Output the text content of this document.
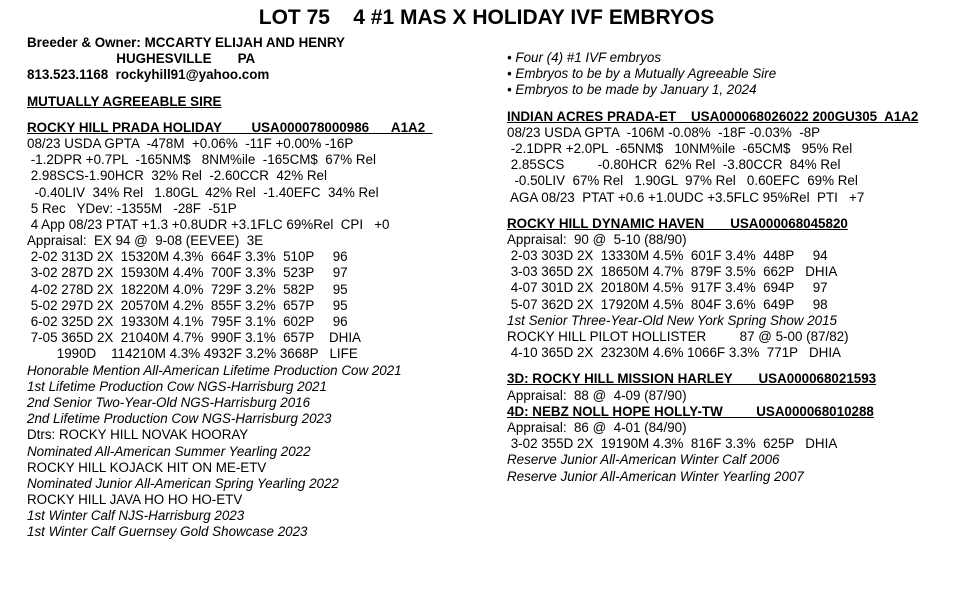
LOT 75    4 #1 MAS X HOLIDAY IVF EMBRYOS
Breeder & Owner: MCCARTY ELIJAH AND HENRY
HUGHESVILLE       PA
813.523.1168  rockyhill91@yahoo.com
MUTUALLY AGREEABLE SIRE
ROCKY HILL PRADA HOLIDAY        USA000078000986      A1A2
08/23 USDA GPTA  -478M  +0.06%  -11F +0.00% -16P
-1.2DPR +0.7PL  -165NM$   8NM%ile  -165CM$  67% Rel
2.98SCS-1.90HCR  32% Rel  -2.60CCR  42% Rel
-0.40LIV  34% Rel   1.80GL  42% Rel  -1.40EFC  34% Rel
5 Rec   YDev: -1355M   -28F  -51P
4 App 08/23 PTAT +1.3 +0.8UDR +3.1FLC 69%Rel  CPI   +0
Appraisal:  EX 94 @  9-08 (EEVEE)  3E
2-02 313D 2X  15320M 4.3%  664F 3.3%  510P     96
3-02 287D 2X  15930M 4.4%  700F 3.3%  523P     97
4-02 278D 2X  18220M 4.0%  729F 3.2%  582P     95
5-02 297D 2X  20570M 4.2%  855F 3.2%  657P     95
6-02 325D 2X  19330M 4.1%  795F 3.1%  602P     96
7-05 365D 2X  21040M 4.7%  990F 3.1%  657P    DHIA
1990D    114210M 4.3% 4932F 3.2% 3668P   LIFE
Honorable Mention All-American Lifetime Production Cow 2021
1st Lifetime Production Cow NGS-Harrisburg 2021
2nd Senior Two-Year-Old NGS-Harrisburg 2016
2nd Lifetime Production Cow NGS-Harrisburg 2023
Dtrs: ROCKY HILL NOVAK HOORAY
Nominated All-American Summer Yearling 2022
ROCKY HILL KOJACK HIT ON ME-ETV
Nominated Junior All-American Spring Yearling 2022
ROCKY HILL JAVA HO HO HO-ETV
1st Winter Calf NJS-Harrisburg 2023
1st Winter Calf Guernsey Gold Showcase 2023
• Four (4) #1 IVF embryos
• Embryos to be by a Mutually Agreeable Sire
• Embryos to be made by January 1, 2024
INDIAN ACRES PRADA-ET    USA000068026022 200GU305  A1A2
08/23 USDA GPTA  -106M -0.08%  -18F -0.03%  -8P
-2.1DPR +2.0PL  -65NM$   10NM%ile  -65CM$   95% Rel
2.85SCS         -0.80HCR  62% Rel  -3.80CCR  84% Rel
-0.50LIV  67% Rel   1.90GL  97% Rel   0.60EFC  69% Rel
AGA 08/23  PTAT +0.6 +1.0UDC +3.5FLC 95%Rel  PTI   +7
ROCKY HILL DYNAMIC HAVEN       USA000068045820
Appraisal:  90 @  5-10 (88/90)
2-03 303D 2X  13330M 4.5%  601F 3.4%  448P     94
3-03 365D 2X  18650M 4.7%  879F 3.5%  662P   DHIA
4-07 301D 2X  20180M 4.5%  917F 3.4%  694P     97
5-07 362D 2X  17920M 4.5%  804F 3.6%  649P     98
1st Senior Three-Year-Old New York Spring Show 2015
ROCKY HILL PILOT HOLLISTER         87 @ 5-00 (87/82)
4-10 365D 2X  23230M 4.6% 1066F 3.3%  771P   DHIA
3D: ROCKY HILL MISSION HARLEY       USA000068021593
Appraisal:  88 @  4-09 (87/90)
4D: NEBZ NOLL HOPE HOLLY-TW         USA000068010288
Appraisal:  86 @  4-01 (84/90)
3-02 355D 2X  19190M 4.3%  816F 3.3%  625P   DHIA
Reserve Junior All-American Winter Calf 2006
Reserve Junior All-American Winter Yearling 2007
